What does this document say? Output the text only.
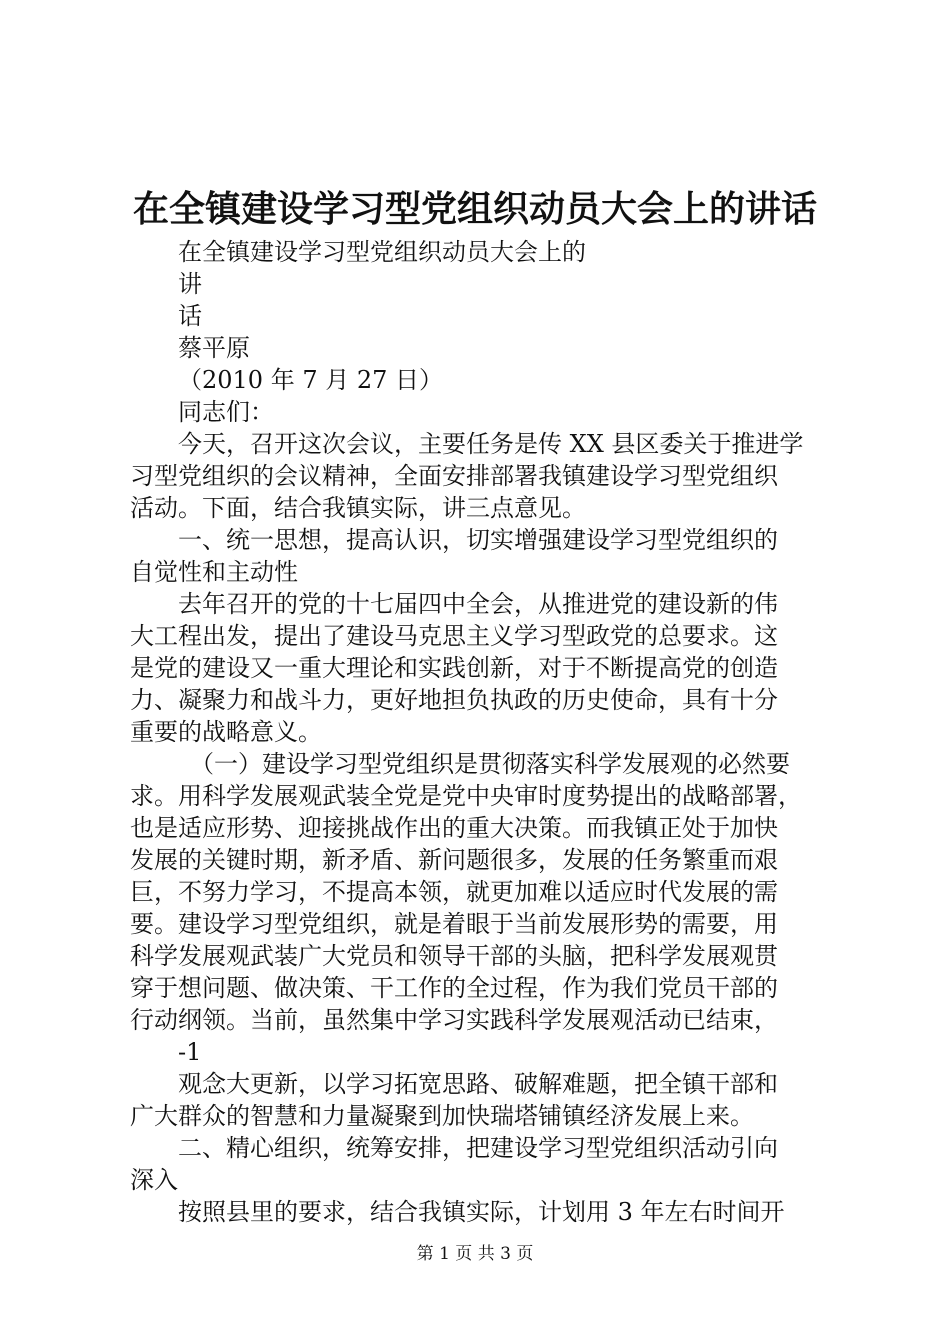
在全镇建设学习型党组织动员大会上的讲话
在全镇建设学习型党组织动员大会上的
讲
话
蔡平原
（2010 年 7 月 27 日）
同志们：
今天，召开这次会议，主要任务是传 XX 县区委关于推进学
习型党组织的会议精神，全面安排部署我镇建设学习型党组织
活动。下面，结合我镇实际，讲三点意见。
一、统一思想，提高认识，切实增强建设学习型党组织的
自觉性和主动性
去年召开的党的十七届四中全会，从推进党的建设新的伟
大工程出发，提出了建设马克思主义学习型政党的总要求。这
是党的建设又一重大理论和实践创新，对于不断提高党的创造
力、凝聚力和战斗力，更好地担负执政的历史使命，具有十分
重要的战略意义。
（一）建设学习型党组织是贯彻落实科学发展观的必然要
求。用科学发展观武装全党是党中央审时度势提出的战略部署，
也是适应形势、迎接挑战作出的重大决策。而我镇正处于加快
发展的关键时期，新矛盾、新问题很多，发展的任务繁重而艰
巨，不努力学习，不提高本领，就更加难以适应时代发展的需
要。建设学习型党组织，就是着眼于当前发展形势的需要，用
科学发展观武装广大党员和领导干部的头脑，把科学发展观贯
穿于想问题、做决策、干工作的全过程，作为我们党员干部的
行动纲领。当前，虽然集中学习实践科学发展观活动已结束，
-1
观念大更新，以学习拓宽思路、破解难题，把全镇干部和
广大群众的智慧和力量凝聚到加快瑞塔铺镇经济发展上来。
二、精心组织，统筹安排，把建设学习型党组织活动引向
深入
按照县里的要求，结合我镇实际，计划用 3 年左右时间开
第 1 页 共 3 页
